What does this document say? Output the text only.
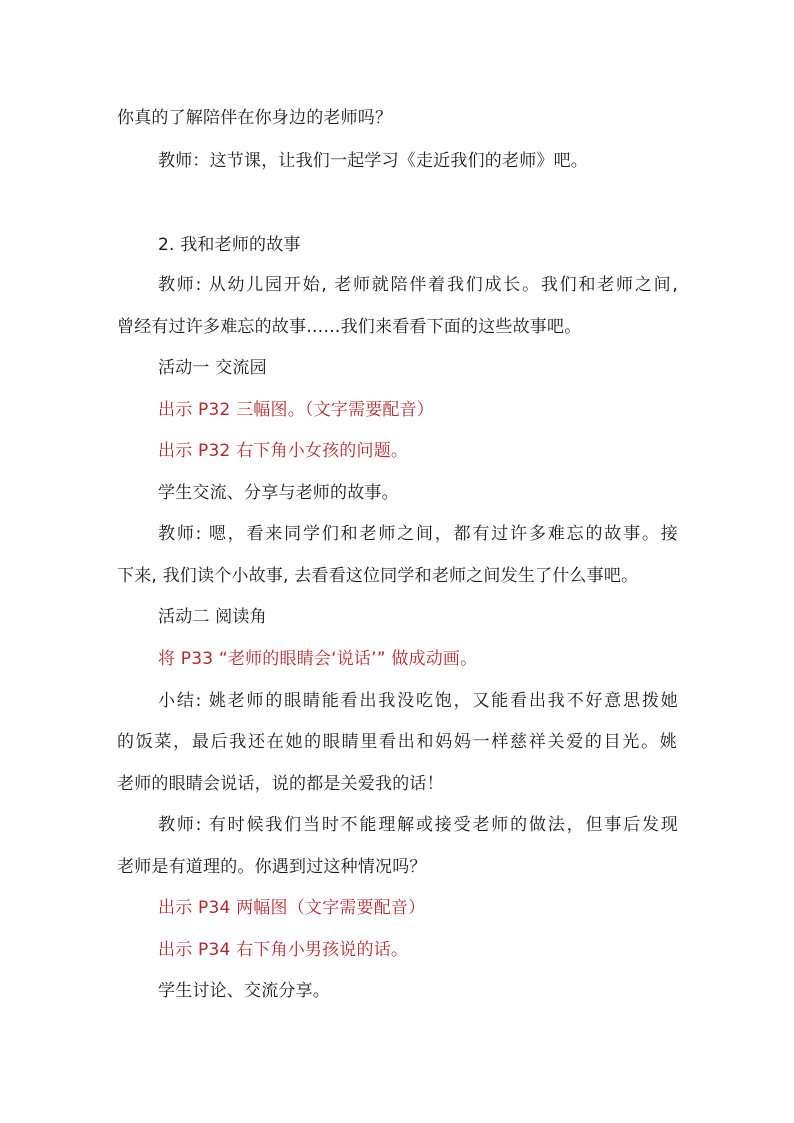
你真的了解陪伴在你身边的老师吗？
教师：这节课，让我们一起学习《走近我们的老师》吧。
2. 我和老师的故事
教师: 从幼儿园开始, 老师就陪伴着我们成长。我们和老师之间,
曾经有过许多难忘的故事……我们来看看下面的这些故事吧。
活动一 交流园
出示 P32 三幅图。（文字需要配音）
出示 P32 右下角小女孩的问题。
学生交流、分享与老师的故事。
教师: 嗯，看来同学们和老师之间，都有过许多难忘的故事。接
下来, 我们读个小故事, 去看看这位同学和老师之间发生了什么事吧。
活动二 阅读角
将 P33 “老师的眼睛会‘说话’” 做成动画。
小结: 姚老师的眼睛能看出我没吃饱，又能看出我不好意思拨她
的饭菜，最后我还在她的眼睛里看出和妈妈一样慈祥关爱的目光。姚
老师的眼睛会说话，说的都是关爱我的话！
教师: 有时候我们当时不能理解或接受老师的做法，但事后发现
老师是有道理的。你遇到过这种情况吗？
出示 P34 两幅图（文字需要配音）
出示 P34 右下角小男孩说的话。
学生讨论、交流分享。
